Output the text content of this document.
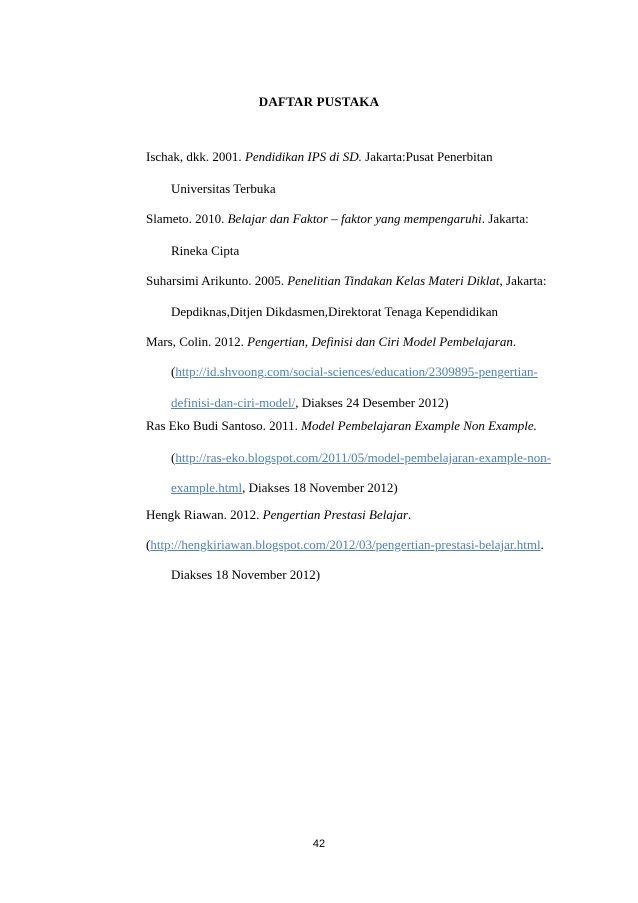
DAFTAR PUSTAKA
Ischak, dkk. 2001. Pendidikan IPS di SD. Jakarta:Pusat Penerbitan
Universitas Terbuka
Slameto. 2010. Belajar dan Faktor – faktor yang mempengaruhi. Jakarta:
Rineka Cipta
Suharsimi Arikunto. 2005. Penelitian Tindakan Kelas Materi Diklat, Jakarta:
Depdiknas,Ditjen Dikdasmen,Direktorat Tenaga Kependidikan
Mars, Colin. 2012. Pengertian, Definisi dan Ciri Model Pembelajaran.
(http://id.shvoong.com/social-sciences/education/2309895-pengertian-
definisi-dan-ciri-model/, Diakses 24 Desember 2012)
Ras Eko Budi Santoso. 2011. Model Pembelajaran Example Non Example.
(http://ras-eko.blogspot.com/2011/05/model-pembelajaran-example-non-
example.html, Diakses 18 November 2012)
Hengk Riawan. 2012. Pengertian Prestasi Belajar.
(http://hengkiriawan.blogspot.com/2012/03/pengertian-prestasi-belajar.html.
Diakses 18 November 2012)
42
